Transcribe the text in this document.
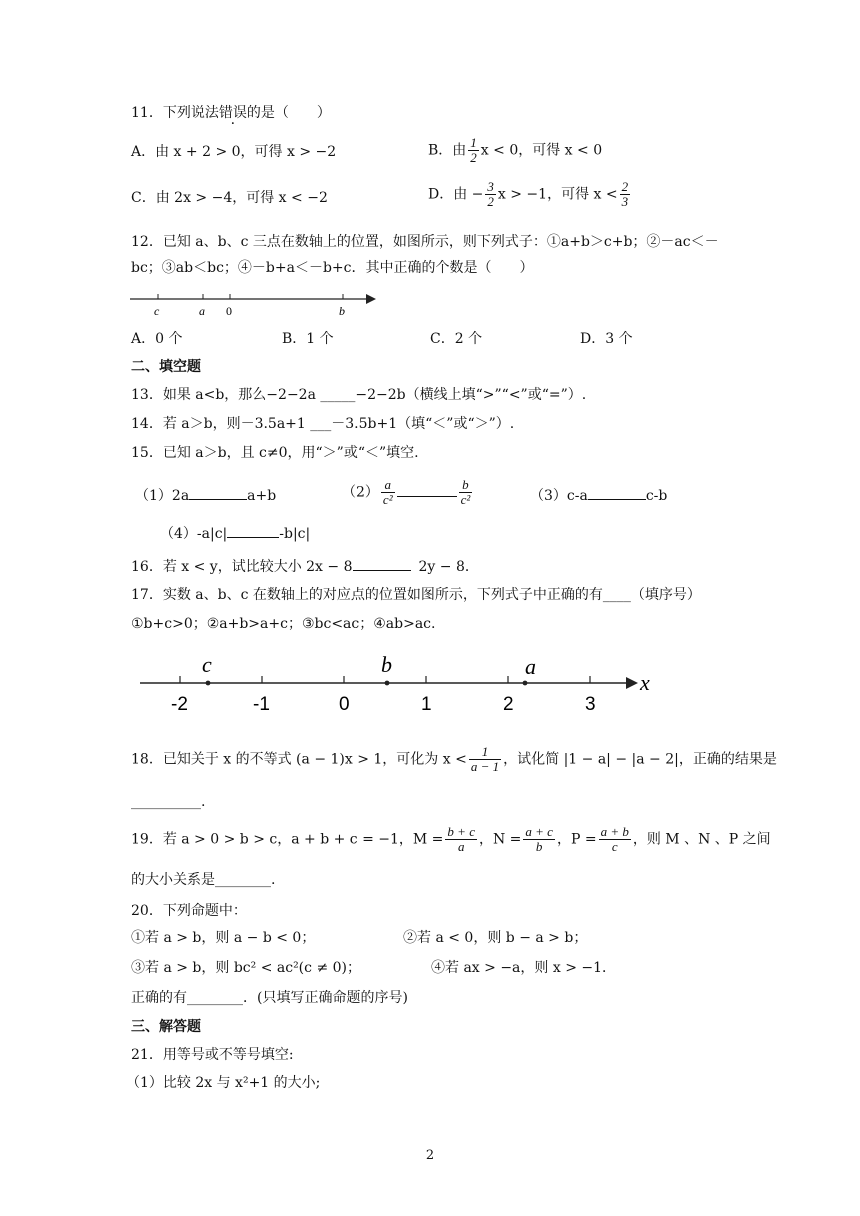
11．下列说法错误的是（　　）
A．由 x + 2 > 0，可得 x > −2	B．由 $\frac{1}{2}$ x < 0，可得 x < 0
C．由 2x > −4，可得 x < −2	D．由 − $\frac{3}{2}$ x > −1，可得 $x < \frac{2}{3}$
12．已知 a、b、c 三点在数轴上的位置，如图所示，则下列式子：①a+b＞c+b；②－ac＜－
bc；③ab＜bc；④－b+a＜－b+c．其中正确的个数是（　　）
c	a 0	b
A．0 个	B．1 个	C．2 个	D．3 个
二、填空题
13．如果 a<b，那么−2−2a _____−2−2b（横线上填“>”“<”或“=”）.
14．若 a＞b，则－3.5a+1 ___－3.5b+1（填“＜”或“＞”）.
15．已知 a＞b，且 c≠0，用“＞”或“＜”填空.
（1）2a	a+b	$(2) \frac{a}{\text{c²}}$	$\frac{b}{\text{c²}}$	（3）c-a	c-b
（4）-a|c|	-b|c|
16．若 x < y，试比较大小 2x − 8	2y − 8．
17．实数 a、b、c 在数轴上的对应点的位置如图所示，下列式子中正确的有____（填序号）
①b+c>0；②a+b>a+c；③bc<ac；④ab>ac.
-2	-1	0	1	2	3
c	b	a
x
18．已知关于 x 的不等式 (a − 1)x > 1，可化为 $x < \frac{1}{a - 1}$ ，试化简 |1 − a| − |a − 2|，正确的结果是
__________.
19．若 a > 0 > b > c，a + b + c = −1，$M = \frac{b + c}{a}$ ，$N = \frac{a + c}{b}$ ，$P = \frac{a + b}{c}$ ，则 M 、N 、P 之间
的大小关系是________.
20．下列命题中：
①若 a > b，则 a − b < 0；	②若 a < 0，则 b − a > b；
③若 a > b，则 bc² < ac²(c ≠ 0)；	④若 ax > −a，则 x > −1．
正确的有________．(只填写正确命题的序号)
三、解答题
21．用等号或不等号填空:
（1）比较 2x 与 x²+1 的大小;
2
